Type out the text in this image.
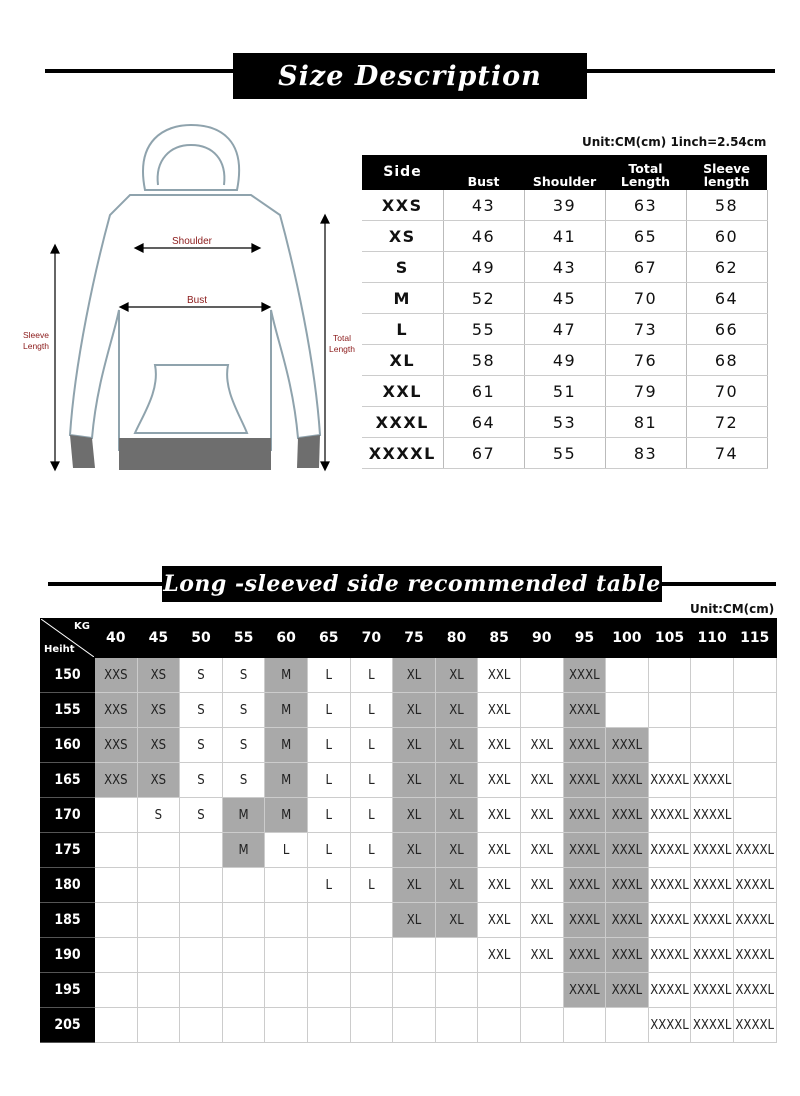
Size Description
Unit:CM(cm) 1inch=2.54cm
Shoulder
Bust
Sleeve Length
Total Length
Side	Bust	Shoulder	Total Length	Sleeve length
XXS	43	39	63	58
XS	46	41	65	60
S	49	43	67	62
M	52	45	70	64
L	55	47	73	66
XL	58	49	76	68
XXL	61	51	79	70
XXXL	64	53	81	72
XXXXL	67	55	83	74
Long -sleeved side recommended table
Unit:CM(cm)
KG
Heiht	40	45	50	55	60	65	70	75	80	85	90	95	100	105	110	115
150	XXS	XS	S	S	M	L	L	XL	XL	XXL		XXXL				
155	XXS	XS	S	S	M	L	L	XL	XL	XXL		XXXL				
160	XXS	XS	S	S	M	L	L	XL	XL	XXL	XXL	XXXL	XXXL			
165	XXS	XS	S	S	M	L	L	XL	XL	XXL	XXL	XXXL	XXXL	XXXXL	XXXXL	
170		S	S	M	M	L	L	XL	XL	XXL	XXL	XXXL	XXXL	XXXXL	XXXXL	
175				M	L	L	L	XL	XL	XXL	XXL	XXXL	XXXL	XXXXL	XXXXL	XXXXL
180						L	L	XL	XL	XXL	XXL	XXXL	XXXL	XXXXL	XXXXL	XXXXL
185								XL	XL	XXL	XXL	XXXL	XXXL	XXXXL	XXXXL	XXXXL
190										XXL	XXL	XXXL	XXXL	XXXXL	XXXXL	XXXXL
195												XXXL	XXXL	XXXXL	XXXXL	XXXXL
205														XXXXL	XXXXL	XXXXL
